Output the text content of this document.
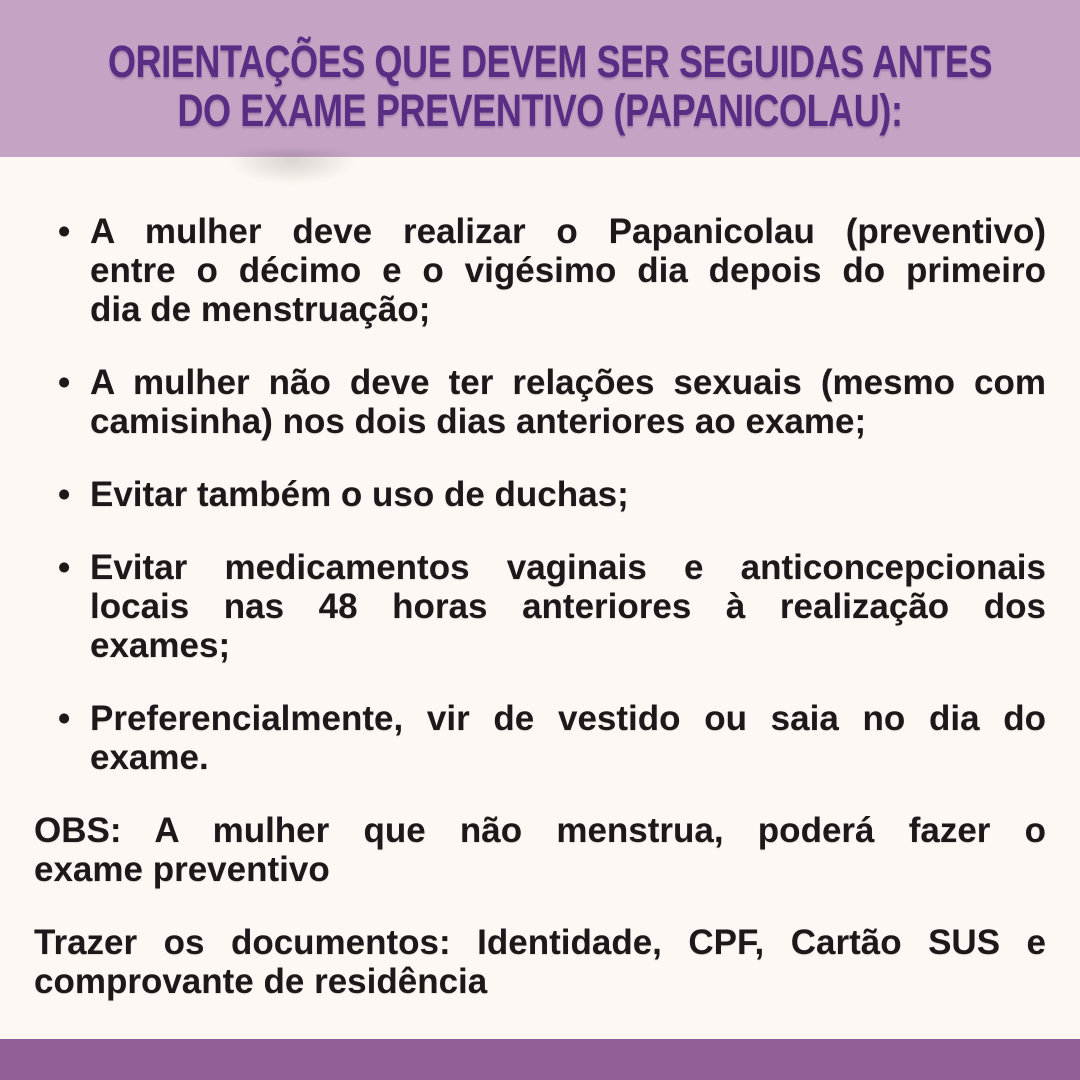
ORIENTAÇÕES QUE DEVEM SER SEGUIDAS ANTES
DO EXAME PREVENTIVO (PAPANICOLAU):
• A mulher deve realizar o Papanicolau (preventivo)
entre o décimo e o vigésimo dia depois do primeiro
dia de menstruação;
• A mulher não deve ter relações sexuais (mesmo com
camisinha) nos dois dias anteriores ao exame;
• Evitar também o uso de duchas;
• Evitar medicamentos vaginais e anticoncepcionais
locais nas 48 horas anteriores à realização dos
exames;
• Preferencialmente, vir de vestido ou saia no dia do
exame.

OBS: A mulher que não menstrua, poderá fazer o
exame preventivo

Trazer os documentos: Identidade, CPF, Cartão SUS e
comprovante de residência
